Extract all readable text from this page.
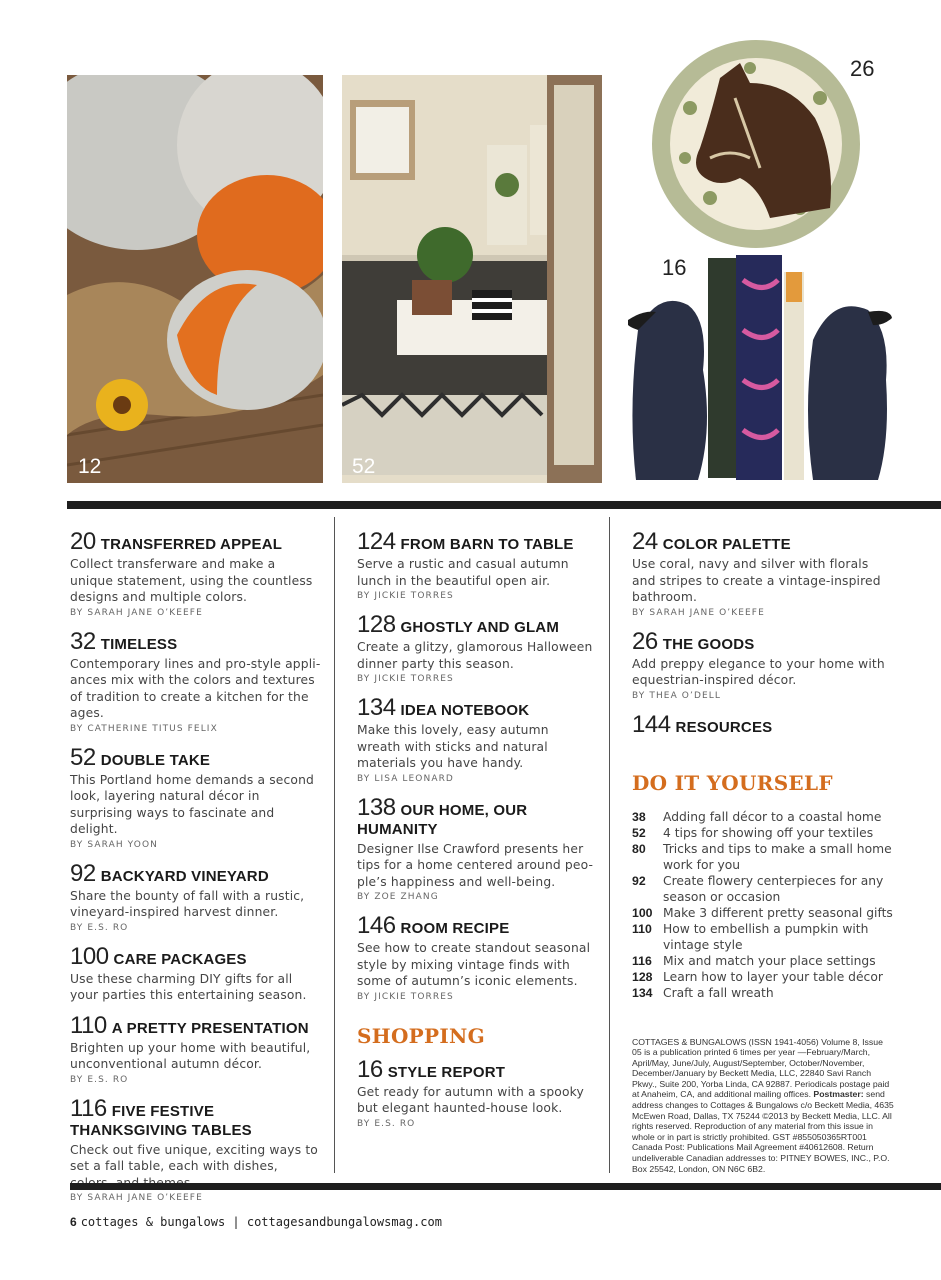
12	52
26
16
20 TRANSFERRED APPEAL

Collect transferware and make a unique statement, using the countless designs and multiple colors.

BY SARAH JANE O’KEEFE
32 TIMELESS

Contemporary lines and pro-style appli-ances mix with the colors and textures of tradition to create a kitchen for the ages.

BY CATHERINE TITUS FELIX
52 DOUBLE TAKE

This Portland home demands a second look, layering natural décor in surprising ways to fascinate and delight.

BY SARAH YOON
92 BACKYARD VINEYARD

Share the bounty of fall with a rustic, vineyard-inspired harvest dinner.

BY E.S. RO
100 CARE PACKAGES

Use these charming DIY gifts for all your parties this entertaining season.

110 A PRETTY PRESENTATION

Brighten up your home with beautiful, unconventional autumn décor.

BY E.S. RO
116 FIVE FESTIVE THANKSGIVING TABLES

Check out five unique, exciting ways to set a fall table, each with dishes,

BY SARAH JANE O’KEEFE
124 FROM BARN TO TABLE

Serve a rustic and casual autumn lunch in the beautiful open air.

BY JICKIE TORRES
128 GHOSTLY AND GLAM

Create a glitzy, glamorous Halloween dinner party this season.

BY JICKIE TORRES
134 IDEA NOTEBOOK

Make this lovely, easy autumn wreath with sticks and natural materials you have handy.

BY LISA LEONARD
138 OUR HOME, OUR HUMANITY

Designer Ilse Crawford presents her tips for a home centered around peo-ple’s happiness and well-being.

BY ZOE ZHANG
146 ROOM RECIPE

See how to create standout seasonal style by mixing vintage finds with some of autumn’s iconic elements.

BY JICKIE TORRES
SHOPPING
16 STYLE REPORT

Get ready for autumn with a spooky but elegant haunted-house look.

BY E.S. RO
24 COLOR PALETTE

Use coral, navy and silver with florals and stripes to create a vintage-inspired bathroom.

BY SARAH JANE O’KEEFE
26 THE GOODS

Add preppy elegance to your home with equestrian-inspired décor.

BY THEA O’DELL
144 RESOURCES
DO IT YOURSELF
38	Adding fall décor to a coastal home
52	4 tips for showing off your textiles
80	Tricks and tips to make a small home work for you
92	Create flowery centerpieces for any season or occasion
100 Make 3 different pretty seasonal gifts
110 How to embellish a pumpkin with vintage style
116 Mix and match your place settings
128 Learn how to layer your table décor
134 Craft a fall wreath
COTTAGES & BUNGALOWS (ISSN 1941-4056) Volume 8, Issue 05 is a publication printed 6 times per year —February/March, April/May, June/July, August/September, October/November, December/January by Beckett Media, LLC, 22840 Savi Ranch Pkwy., Suite 200, Yorba Linda, CA 92887. Periodicals postage paid at Anaheim, CA, and additional mailing offices. Postmaster: send address changes to Cottages & Bungalows c/o Beckett Media, 4635 McEwen Road, Dallas, TX 75244 ©2013 by Beckett Media, LLC. All rights reserved. Reproduction of any material from this issue in whole or in part is strictly prohibited. GST #855050365RT001 Canada Post: Publications Mail Agreement #40612608. Return undeliverable Canadian addresses to: PITNEY BOWES, INC., P.O. Box 25542, London, ON N6C 6B2.
6 cottages & bungalows | cottagesandbungalowsmag.com
